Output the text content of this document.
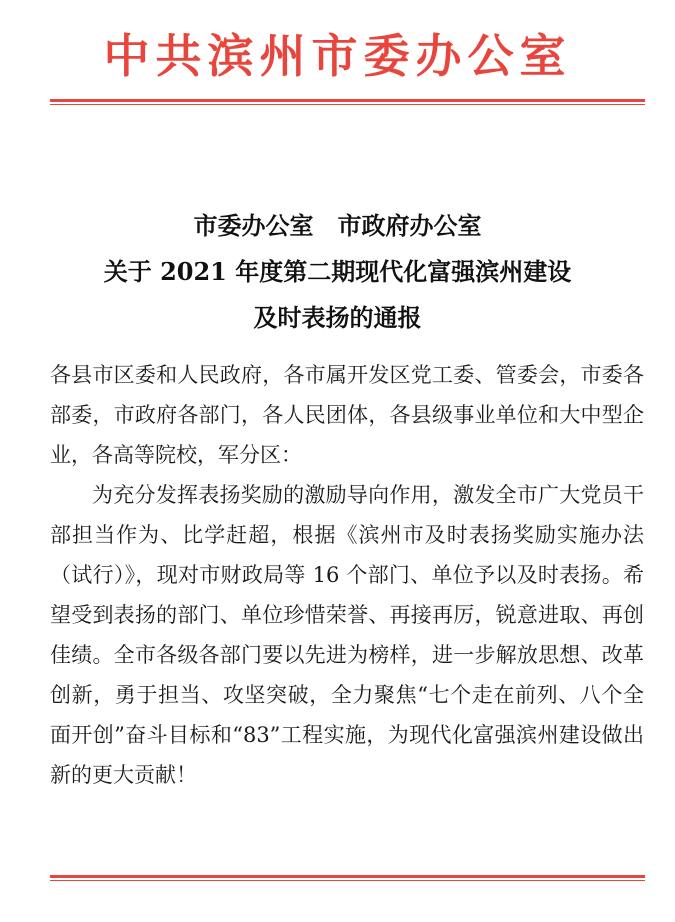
中共滨州市委办公室
市委办公室　市政府办公室
关于 2021 年度第二期现代化富强滨州建设
及时表扬的通报

各县市区委和人民政府，各市属开发区党工委、管委会，市委各部委，市政府各部门，各人民团体，各县级事业单位和大中型企业，各高等院校，军分区：

为充分发挥表扬奖励的激励导向作用，激发全市广大党员干部担当作为、比学赶超，根据《滨州市及时表扬奖励实施办法（试行）》，现对市财政局等 16 个部门、单位予以及时表扬。希望受到表扬的部门、单位珍惜荣誉、再接再厉，锐意进取、再创佳绩。全市各级各部门要以先进为榜样，进一步解放思想、改革创新，勇于担当、攻坚突破，全力聚焦“七个走在前列、八个全面开创”奋斗目标和“83”工程实施，为现代化富强滨州建设做出新的更大贡献！
